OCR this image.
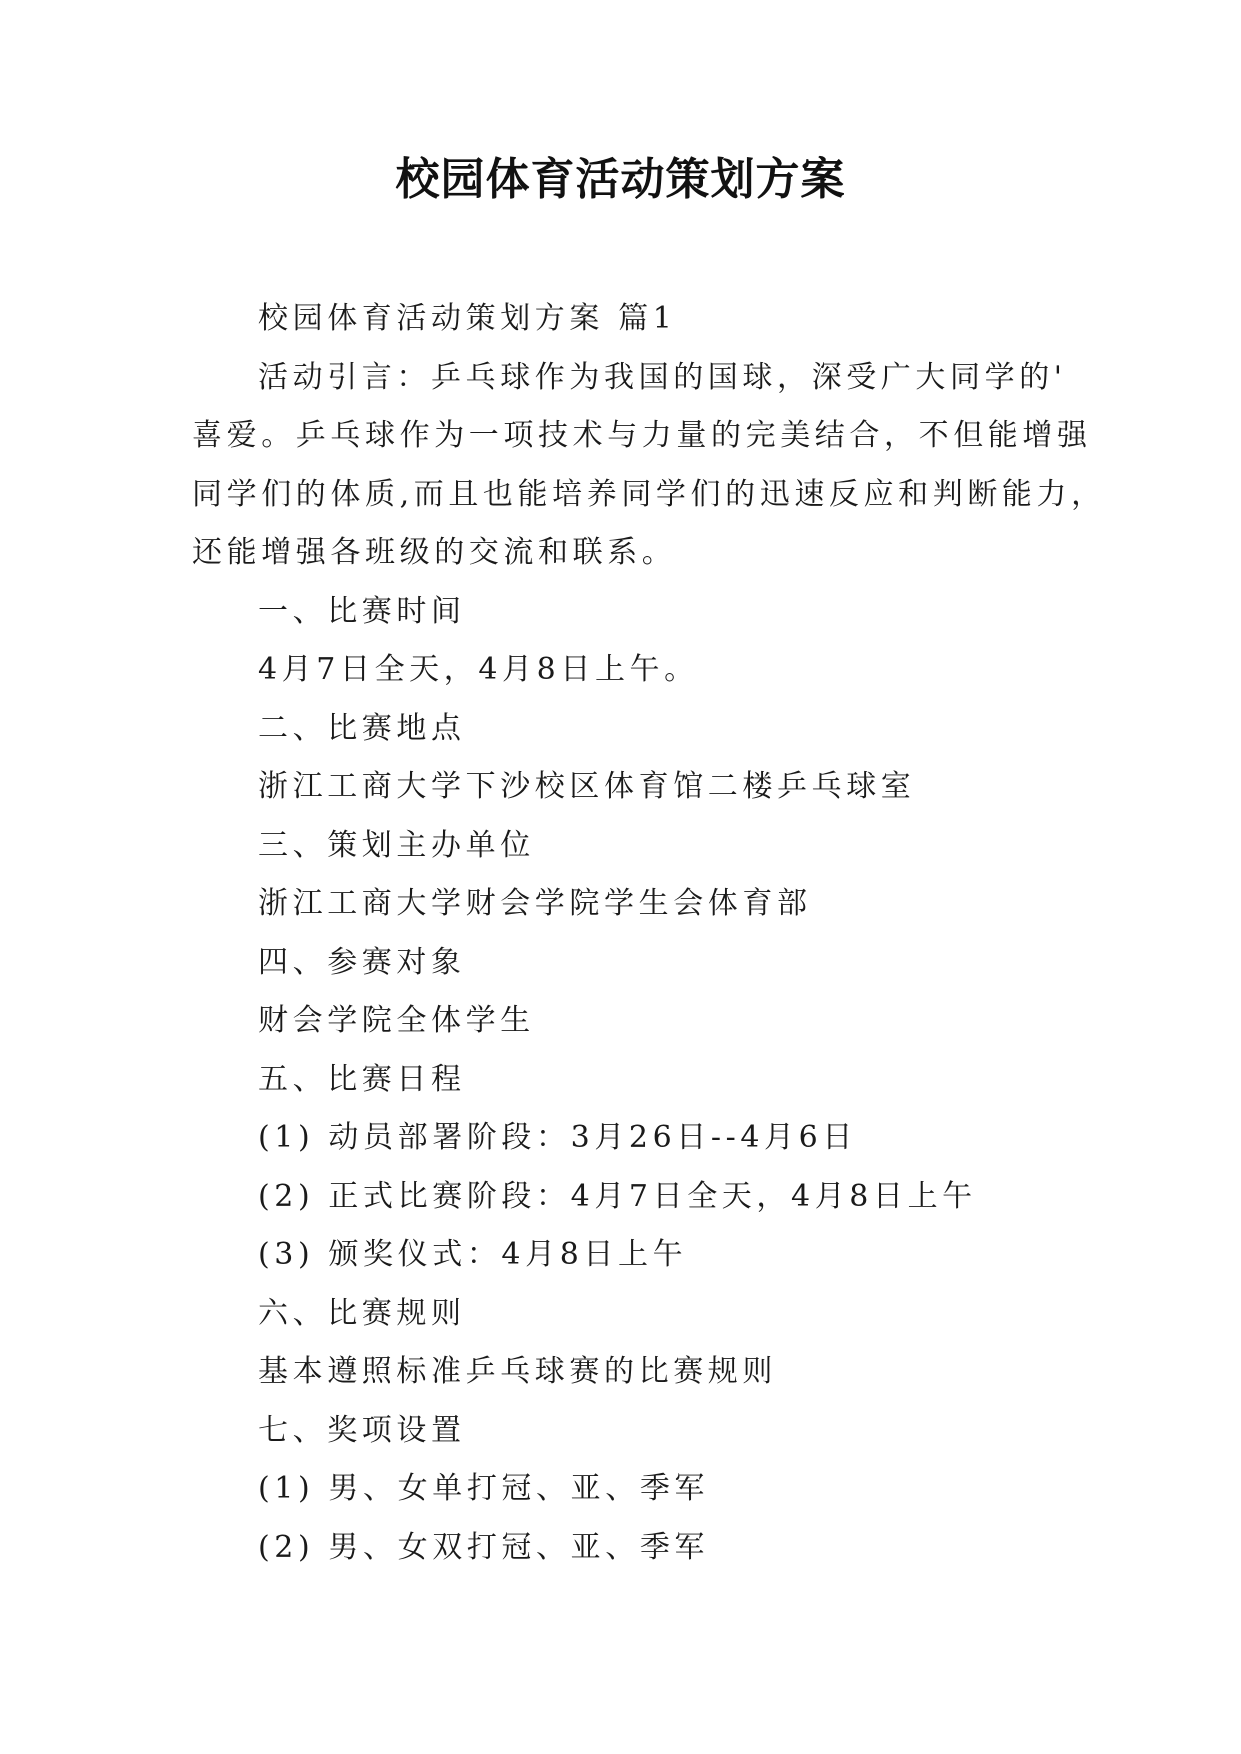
校园体育活动策划方案

校园体育活动策划方案 篇1

活动引言：乒乓球作为我国的国球，深受广大同学的'

喜爱。乒乓球作为一项技术与力量的完美结合，不但能增强

同学们的体质,而且也能培养同学们的迅速反应和判断能力，

还能增强各班级的交流和联系。

一、比赛时间

4月7日全天，4月8日上午。

二、比赛地点

浙江工商大学下沙校区体育馆二楼乒乓球室

三、策划主办单位

浙江工商大学财会学院学生会体育部

四、参赛对象

财会学院全体学生

五、比赛日程

(1) 动员部署阶段：3月26日--4月6日

(2) 正式比赛阶段：4月7日全天，4月8日上午

(3) 颁奖仪式：4月8日上午

六、比赛规则

基本遵照标准乒乓球赛的比赛规则

七、奖项设置

(1) 男、女单打冠、亚、季军

(2) 男、女双打冠、亚、季军
